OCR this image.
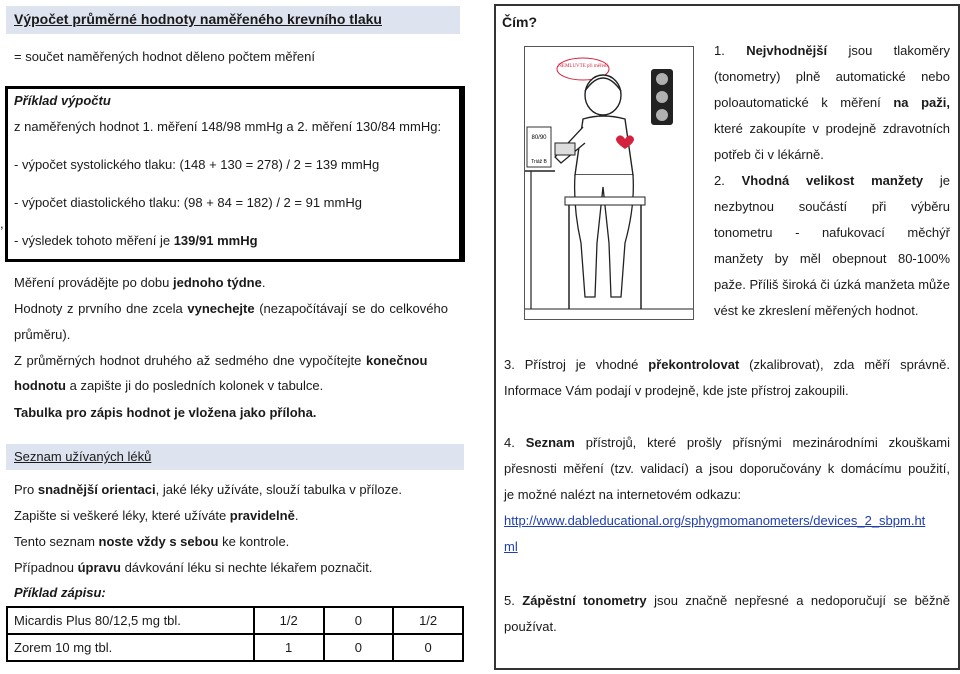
Výpočet průměrné hodnoty naměřeného krevního tlaku
= součet naměřených hodnot děleno počtem měření
Příklad výpočtu
z naměřených hodnot 1. měření 148/98 mmHg a 2. měření 130/84 mmHg:
- výpočet systolického tlaku: (148 + 130 = 278) / 2 = 139 mmHg
- výpočet diastolického tlaku: (98 + 84 = 182) / 2 = 91 mmHg
,
- výsledek tohoto měření je 139/91 mmHg
Měření provádějte po dobu jednoho týdne.
Hodnoty z prvního dne zcela vynechejte (nezapočítávají se do celkového
průměru).
Z průměrných hodnot druhého až sedmého dne vypočítejte konečnou
hodnotu a zapište ji do posledních kolonek v tabulce.
Tabulka pro zápis hodnot je vložena jako příloha.
Seznam užívaných léků
Pro snadnější orientaci, jaké léky užíváte, slouží tabulka v příloze.
Zapište si veškeré léky, které užíváte pravidelně.
Tento seznam noste vždy s sebou ke kontrole.
Případnou úpravu dávkování léku si nechte lékařem poznačit.
Příklad zápisu:
Micardis Plus 80/12,5 mg tbl.	1/2	0	1/2
Zorem 10 mg tbl.	1	0	0
Čím?
NEMLUVTE při měření
80/90
Triáž B
1. Nejvhodnější jsou tlakoměry
(tonometry) plně automatické nebo
poloautomatické k měření na paži,
které zakoupíte v prodejně zdravotních
potřeb či v lékárně.
2. Vhodná velikost manžety je
nezbytnou součástí při výběru
tonometru - nafukovací měchýř
manžety by měl obepnout 80-100%
paže. Příliš široká či úzká manžeta může
vést ke zkreslení měřených hodnot.
3. Přístroj je vhodné překontrolovat (zkalibrovat), zda měří správně.
Informace Vám podají v prodejně, kde jste přístroj zakoupili.
4. Seznam přístrojů, které prošly přísnými mezinárodními zkouškami
přesnosti měření (tzv. validací) a jsou doporučovány k domácímu použití,
je možné nalézt na internetovém odkazu:
http://www.dableducational.org/sphygmomanometers/devices_2_sbpm.ht
ml
5. Zápěstní tonometry jsou značně nepřesné a nedoporučují se běžně
používat.
